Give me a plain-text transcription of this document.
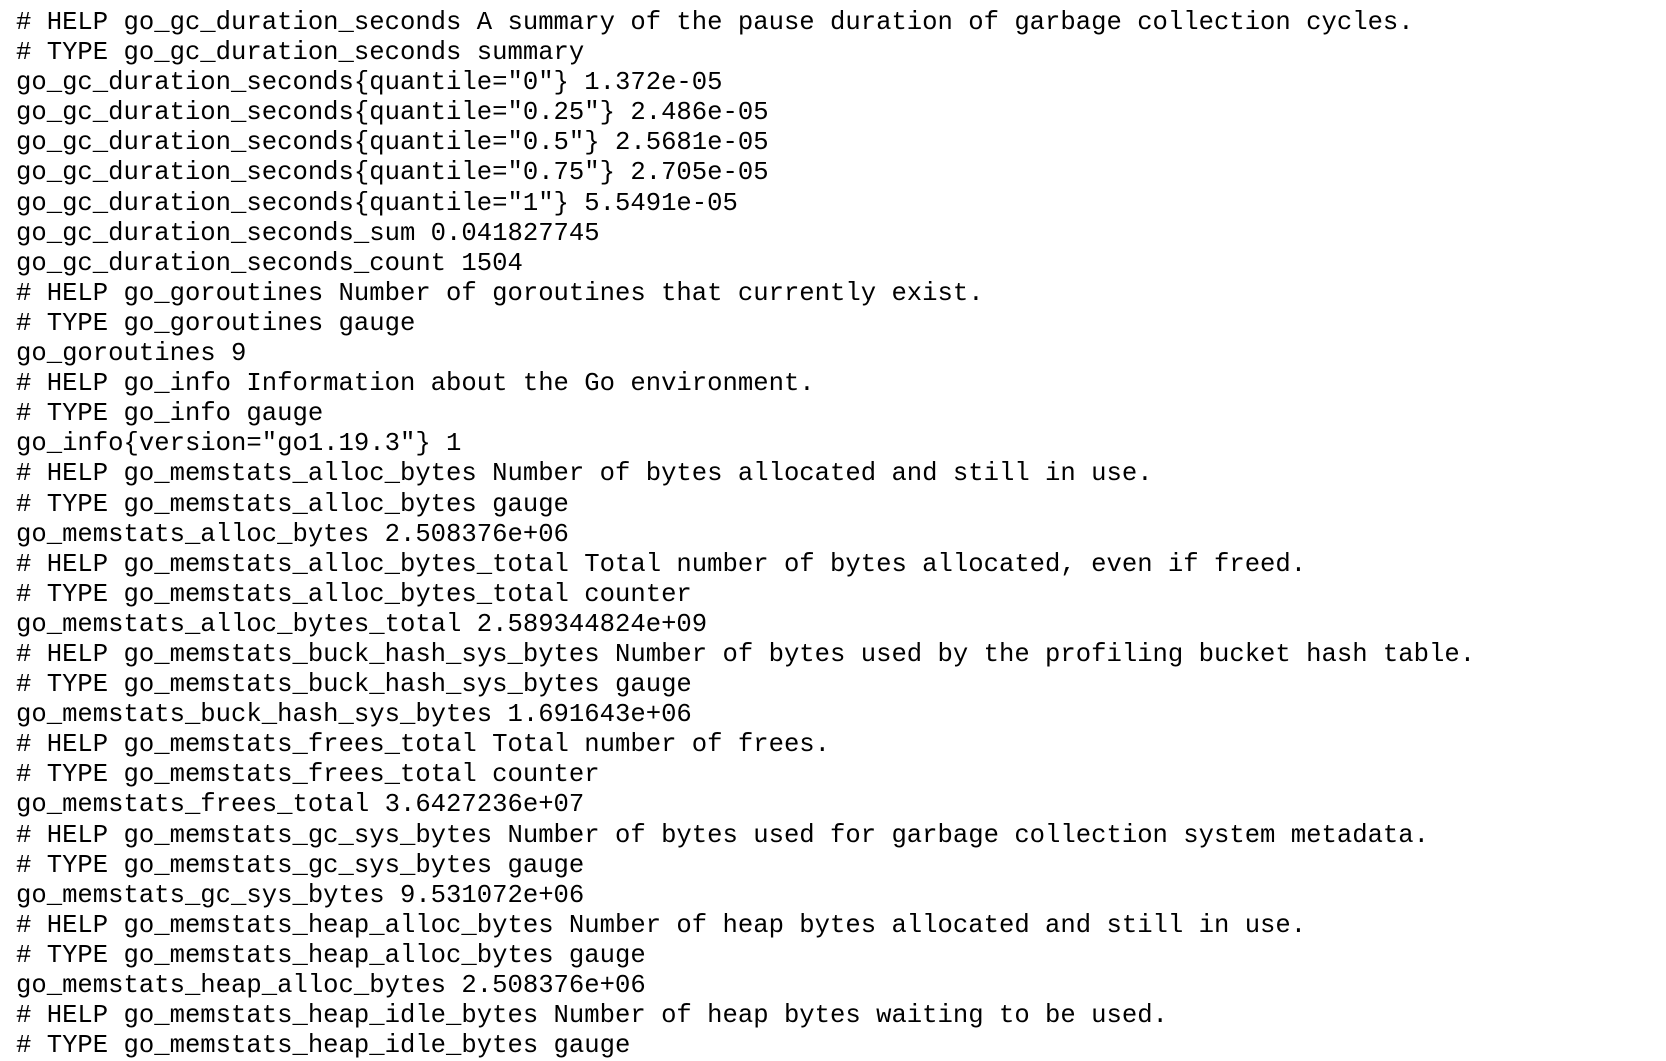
# HELP go_gc_duration_seconds A summary of the pause duration of garbage collection cycles.
# TYPE go_gc_duration_seconds summary
go_gc_duration_seconds{quantile="0"} 1.372e-05
go_gc_duration_seconds{quantile="0.25"} 2.486e-05
go_gc_duration_seconds{quantile="0.5"} 2.5681e-05
go_gc_duration_seconds{quantile="0.75"} 2.705e-05
go_gc_duration_seconds{quantile="1"} 5.5491e-05
go_gc_duration_seconds_sum 0.041827745
go_gc_duration_seconds_count 1504
# HELP go_goroutines Number of goroutines that currently exist.
# TYPE go_goroutines gauge
go_goroutines 9
# HELP go_info Information about the Go environment.
# TYPE go_info gauge
go_info{version="go1.19.3"} 1
# HELP go_memstats_alloc_bytes Number of bytes allocated and still in use.
# TYPE go_memstats_alloc_bytes gauge
go_memstats_alloc_bytes 2.508376e+06
# HELP go_memstats_alloc_bytes_total Total number of bytes allocated, even if freed.
# TYPE go_memstats_alloc_bytes_total counter
go_memstats_alloc_bytes_total 2.589344824e+09
# HELP go_memstats_buck_hash_sys_bytes Number of bytes used by the profiling bucket hash table.
# TYPE go_memstats_buck_hash_sys_bytes gauge
go_memstats_buck_hash_sys_bytes 1.691643e+06
# HELP go_memstats_frees_total Total number of frees.
# TYPE go_memstats_frees_total counter
go_memstats_frees_total 3.6427236e+07
# HELP go_memstats_gc_sys_bytes Number of bytes used for garbage collection system metadata.
# TYPE go_memstats_gc_sys_bytes gauge
go_memstats_gc_sys_bytes 9.531072e+06
# HELP go_memstats_heap_alloc_bytes Number of heap bytes allocated and still in use.
# TYPE go_memstats_heap_alloc_bytes gauge
go_memstats_heap_alloc_bytes 2.508376e+06
# HELP go_memstats_heap_idle_bytes Number of heap bytes waiting to be used.
# TYPE go_memstats_heap_idle_bytes gauge
